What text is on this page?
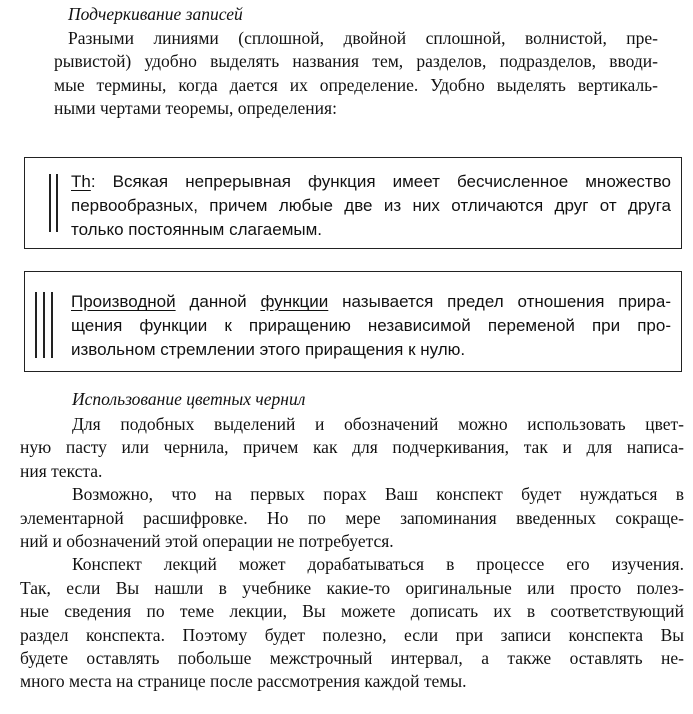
Подчеркивание записей
Разными линиями (сплошной, двойной сплошной, волнистой, пре-
рывистой) удобно выделять названия тем, разделов, подразделов, вводи-
мые термины, когда дается их определение. Удобно выделять вертикаль-
ными чертами теоремы, определения:
Th: Всякая непрерывная функция имеет бесчисленное множество
первообразных, причем любые две из них отличаются друг от друга
только постоянным слагаемым.
Производной данной функции называется предел отношения прира-
щения функции к приращению независимой переменой при про-
извольном стремлении этого приращения к нулю.
Использование цветных чернил
Для подобных выделений и обозначений можно использовать цвет-
ную пасту или чернила, причем как для подчеркивания, так и для написа-
ния текста.
Возможно, что на первых порах Ваш конспект будет нуждаться в
элементарной расшифровке. Но по мере запоминания введенных сокраще-
ний и обозначений этой операции не потребуется.
Конспект лекций может дорабатываться в процессе его изучения.
Так, если Вы нашли в учебнике какие-то оригинальные или просто полез-
ные сведения по теме лекции, Вы можете дописать их в соответствующий
раздел конспекта. Поэтому будет полезно, если при записи конспекта Вы
будете оставлять побольше межстрочный интервал, а также оставлять не-
много места на странице после рассмотрения каждой темы.
